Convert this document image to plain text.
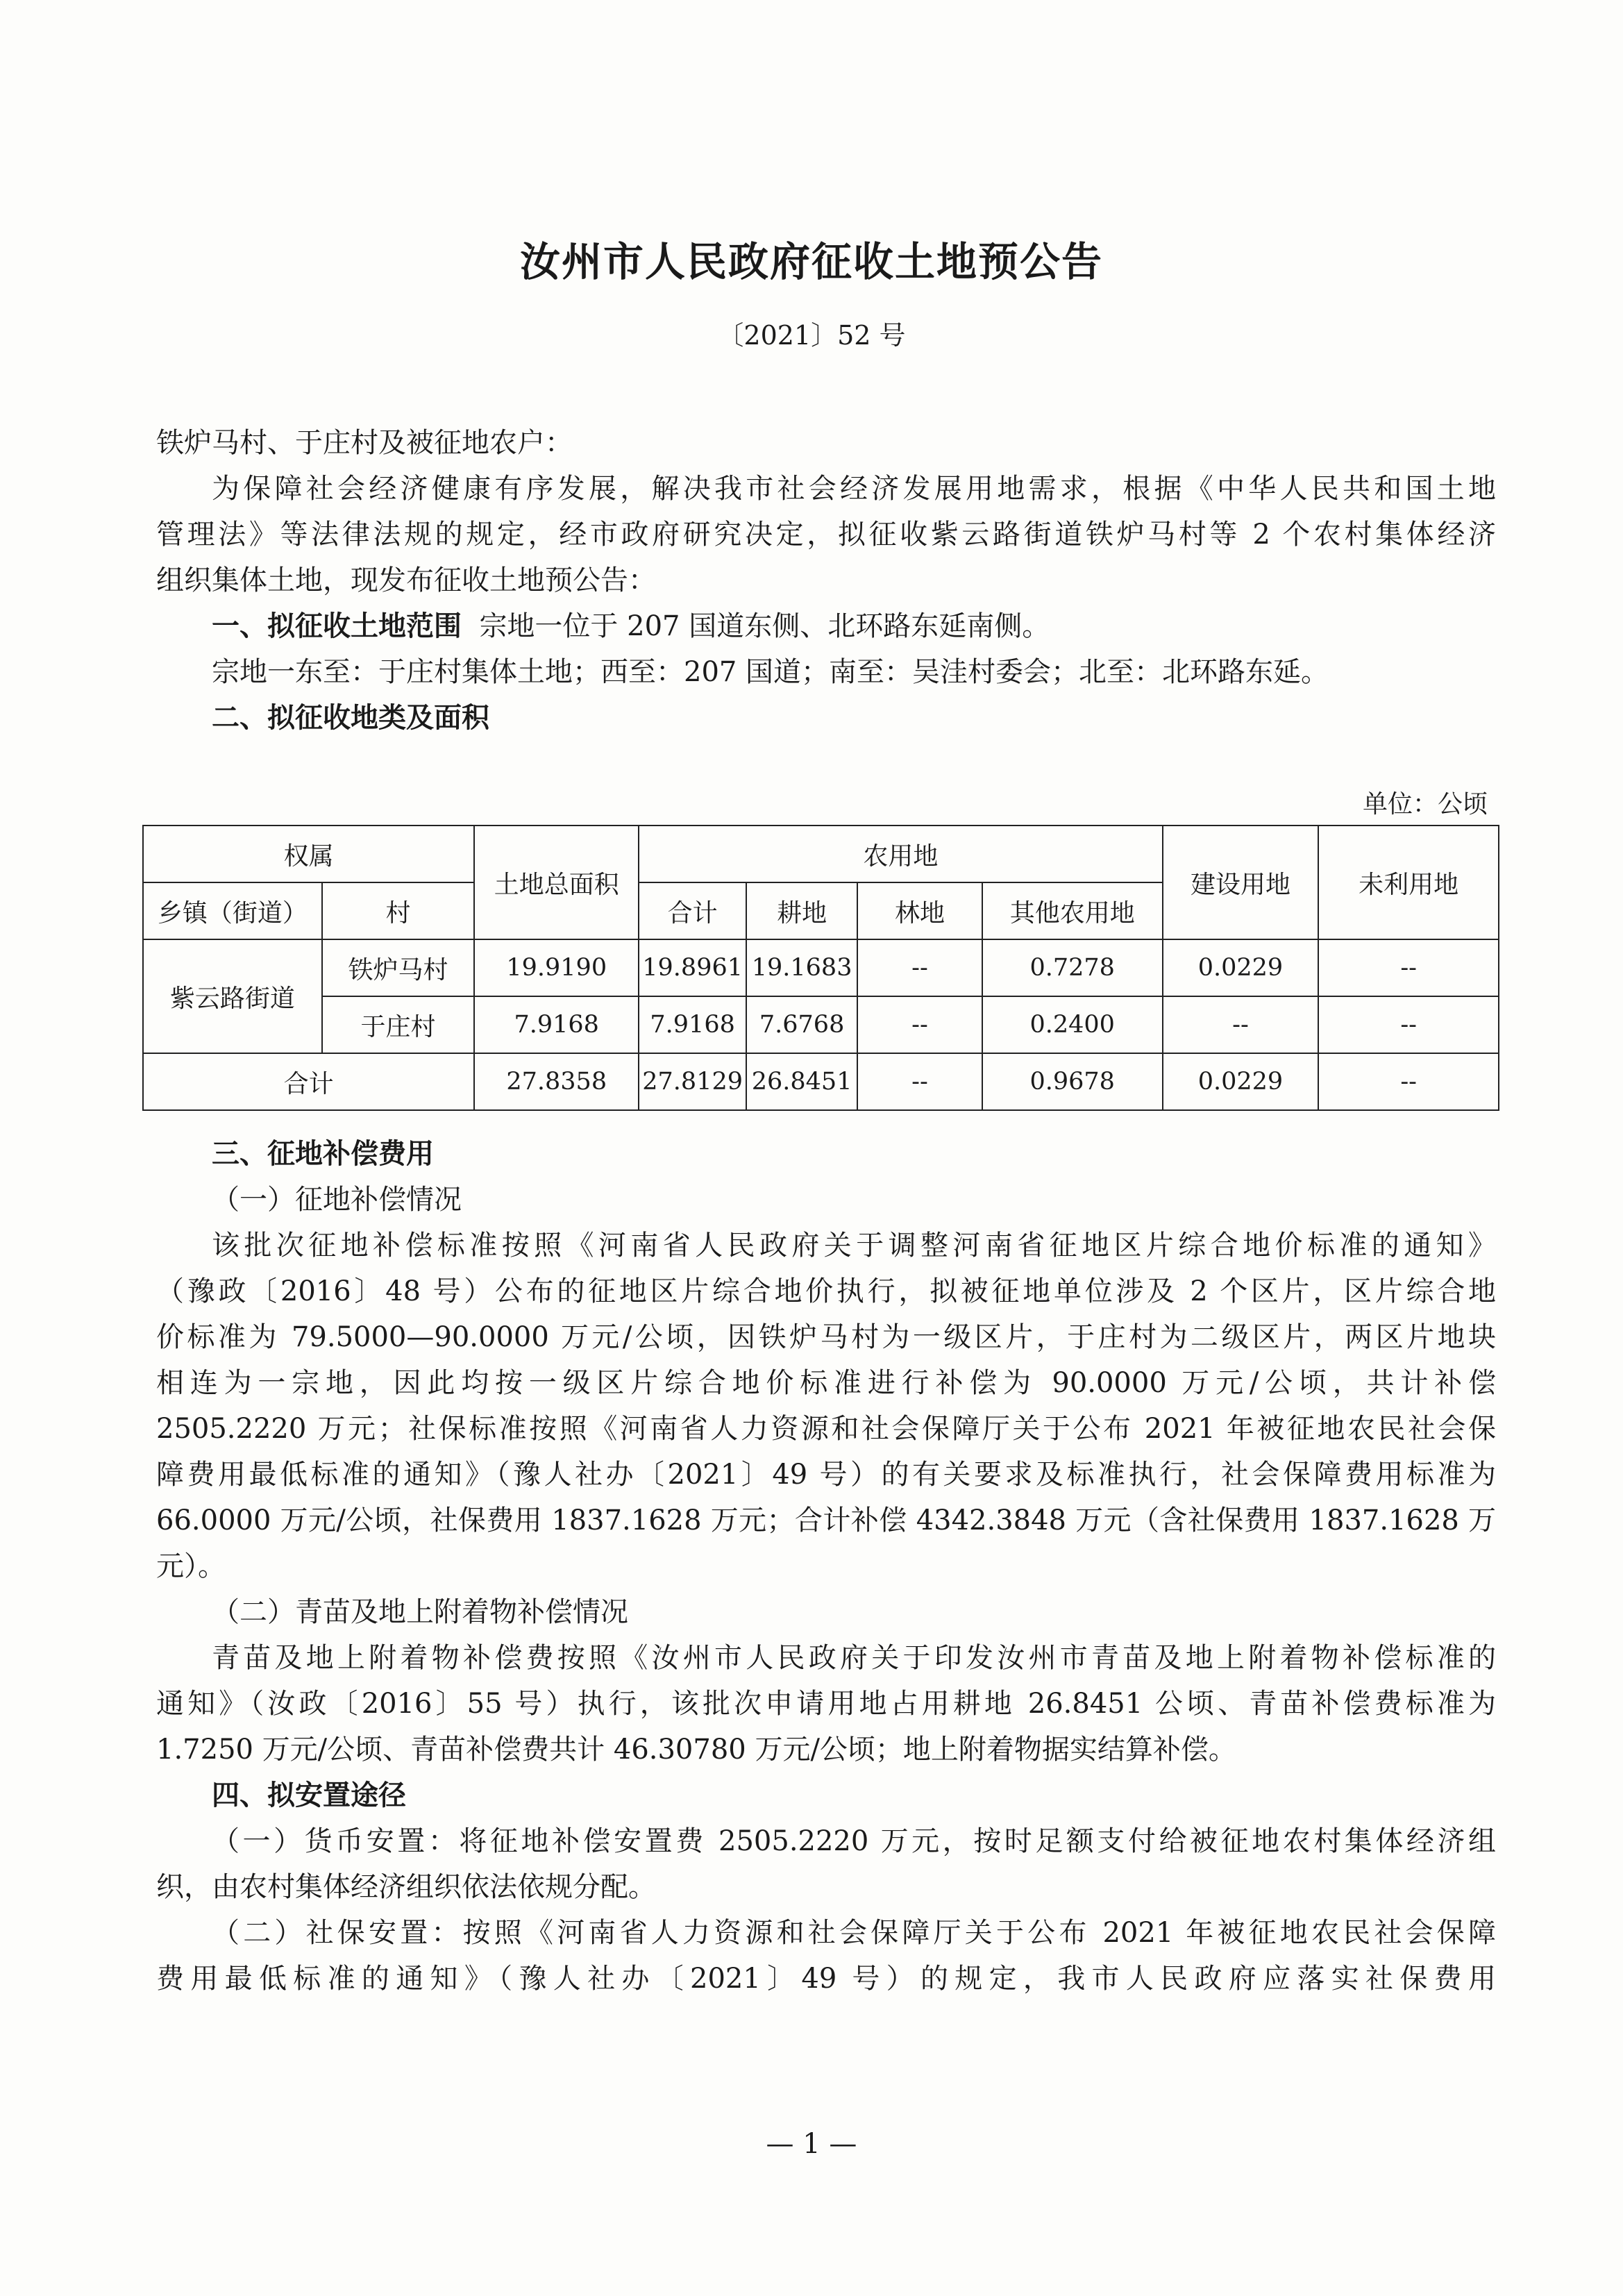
汝州市人民政府征收土地预公告
〔2021〕52 号
铁炉马村、于庄村及被征地农户：
为保障社会经济健康有序发展，解决我市社会经济发展用地需求，根据《中华人民共和国土地
管理法》等法律法规的规定，经市政府研究决定，拟征收紫云路街道铁炉马村等 2 个农村集体经济
组织集体土地，现发布征收土地预公告：
一、拟征收土地范围 宗地一位于 207 国道东侧、北环路东延南侧。
宗地一东至：于庄村集体土地；西至：207 国道；南至：吴洼村委会；北至：北环路东延。
二、拟征收地类及面积
单位：公顷
权属		土地总面积	农用地				建设用地	未利用地
乡镇（街道）	村		合计	耕地	林地	其他农用地		
紫云路街道	铁炉马村	19.9190	19.8961	19.1683	--	0.7278	0.0229	--
	于庄村	7.9168	7.9168	7.6768	--	0.2400	--	--
合计		27.8358	27.8129	26.8451	--	0.9678	0.0229	--
三、征地补偿费用
（一）征地补偿情况
该批次征地补偿标准按照《河南省人民政府关于调整河南省征地区片综合地价标准的通知》
（豫政〔2016〕48 号）公布的征地区片综合地价执行，拟被征地单位涉及 2 个区片，区片综合地
价标准为 79.5000—90.0000 万元/公顷，因铁炉马村为一级区片，于庄村为二级区片，两区片地块
相连为一宗地，因此均按一级区片综合地价标准进行补偿为 90.0000 万元/公顷，共计补偿
2505.2220 万元；社保标准按照《河南省人力资源和社会保障厅关于公布 2021 年被征地农民社会保
障费用最低标准的通知》（豫人社办〔2021〕49 号）的有关要求及标准执行，社会保障费用标准为
66.0000 万元/公顷，社保费用 1837.1628 万元；合计补偿 4342.3848 万元（含社保费用 1837.1628 万
元）。
（二）青苗及地上附着物补偿情况
青苗及地上附着物补偿费按照《汝州市人民政府关于印发汝州市青苗及地上附着物补偿标准的
通知》（汝政〔2016〕55 号）执行，该批次申请用地占用耕地 26.8451 公顷、青苗补偿费标准为
1.7250 万元/公顷、青苗补偿费共计 46.30780 万元/公顷；地上附着物据实结算补偿。
四、拟安置途径
（一）货币安置：将征地补偿安置费 2505.2220 万元，按时足额支付给被征地农村集体经济组
织，由农村集体经济组织依法依规分配。
（二）社保安置：按照《河南省人力资源和社会保障厅关于公布 2021 年被征地农民社会保障
费用最低标准的通知》（豫人社办〔2021〕49 号）的规定，我市人民政府应落实社保费用
— 1 —
